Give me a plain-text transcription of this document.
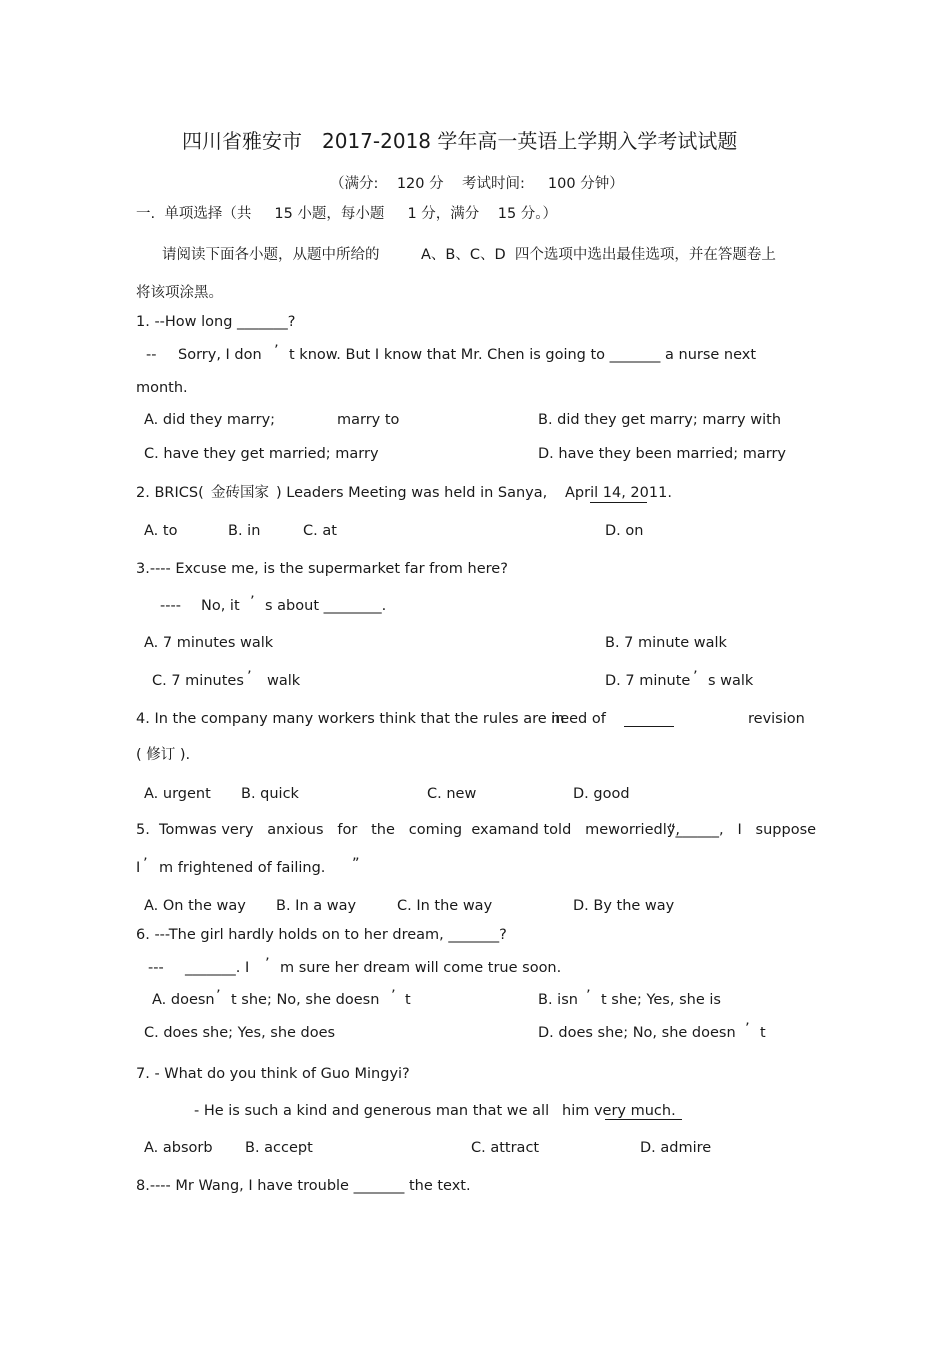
四川省雅安市 2017-2018 学年高一英语上学期入学考试试题
（满分:    120 分 考试时间:     100 分钟）
一.  单项选择（共     15 小题，每小题     1 分，满分    15 分。）
请阅读下面各小题，从题中所给的         A、B、C、D  四个选项中选出最佳选项，并在答题卷上
将该项涂黑。
1. --How long _______?
-- Sorry, I don ’ t know. But I know that Mr. Chen is going to _______ a nurse next
month.
A. did they marry;	marry to	B. did they get marry; marry with
C. have they get married; marry	D. have they been married; marry
2. BRICS( 金砖国家 ) Leaders Meeting was held in Sanya, April 14, 2011.
A. to	B. in	C. at	D. on
3.---- Excuse me, is the supermarket far from here?
---- No, it ’ s about ________.
A. 7 minutes walk	B. 7 minute walk
C. 7 minutes ’ walk	D. 7 minute ’ s walk
4. In the company many workers think that the rules are in
need of	revision
( 修订 ).
A. urgent B. quick	C. new	D. good
5.  Tomwas very   anxious   for   the   coming  examand told   meworriedly,
“______,   I   suppose
I ’ m frightened of failing. ”
A. On the way B. In a way	C. In the way	D. By the way
6. ---The girl hardly holds on to her dream, _______?
--- _______. I ’ m sure her dream will come true soon.
A. doesn ’ t she; No, she doesn ’ t	B. isn ’ t she; Yes, she is
C. does she; Yes, she does	D. does she; No, she doesn ’ t
7. - What do you think of Guo Mingyi?
- He is such a kind and generous man that we all him very much.
A. absorb B. accept	C. attract	D. admire
8.---- Mr Wang, I have trouble _______ the text.
